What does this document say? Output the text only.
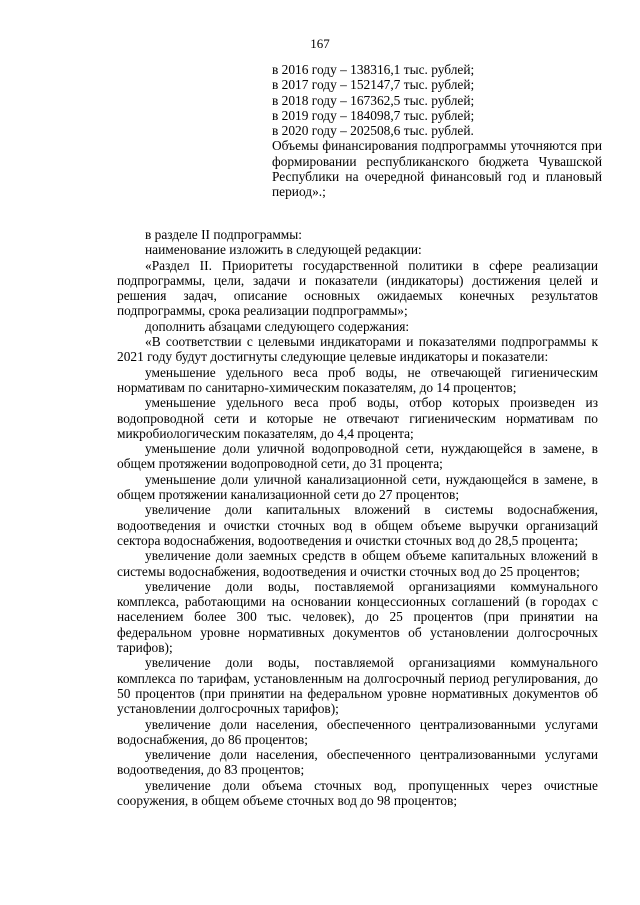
167

в 2016 году – 138316,1 тыс. рублей;

в 2017 году – 152147,7 тыс. рублей;

в 2018 году – 167362,5 тыс. рублей;

в 2019 году – 184098,7 тыс. рублей;

в 2020 году – 202508,6 тыс. рублей.

Объемы финансирования подпрограммы уточняются при формировании республиканского бюджета Чувашской Республики на очередной финансовый год и плановый период».;

в разделе II подпрограммы:

наименование изложить в следующей редакции:

«Раздел II. Приоритеты государственной политики в сфере реализации подпрограммы, цели, задачи и показатели (индикаторы) достижения целей и решения задач, описание основных ожидаемых конечных результатов подпрограммы, срока реализации подпрограммы»;

дополнить абзацами следующего содержания:

«В соответствии с целевыми индикаторами и показателями подпрограммы к 2021 году будут достигнуты следующие целевые индикаторы и показатели:

уменьшение удельного веса проб воды, не отвечающей гигиеническим нормативам по санитарно-химическим показателям, до 14 процентов;

уменьшение удельного веса проб воды, отбор которых произведен из водопроводной сети и которые не отвечают гигиеническим нормативам по микробиологическим показателям, до 4,4 процента;

уменьшение доли уличной водопроводной сети, нуждающейся в замене, в общем протяжении водопроводной сети, до 31 процента;

уменьшение доли уличной канализационной сети, нуждающейся в замене, в общем протяжении канализационной сети до 27 процентов;

увеличение доли капитальных вложений в системы водоснабжения, водоотведения и очистки сточных вод в общем объеме выручки организаций сектора водоснабжения, водоотведения и очистки сточных вод до 28,5 процента;

увеличение доли заемных средств в общем объеме капитальных вложений в системы водоснабжения, водоотведения и очистки сточных вод до 25 процентов;

увеличение доли воды, поставляемой организациями коммунального комплекса, работающими на основании концессионных соглашений (в городах с населением более 300 тыс. человек), до 25 процентов (при принятии на федеральном уровне нормативных документов об установлении долгосрочных тарифов);

увеличение доли воды, поставляемой организациями коммунального комплекса по тарифам, установленным на долгосрочный период регулирования, до 50 процентов (при принятии на федеральном уровне нормативных документов об установлении долгосрочных тарифов);

увеличение доли населения, обеспеченного централизованными услугами водоснабжения, до 86 процентов;

увеличение доли населения, обеспеченного централизованными услугами водоотведения, до 83 процентов;

увеличение доли объема сточных вод, пропущенных через очистные сооружения, в общем объеме сточных вод до 98 процентов;
